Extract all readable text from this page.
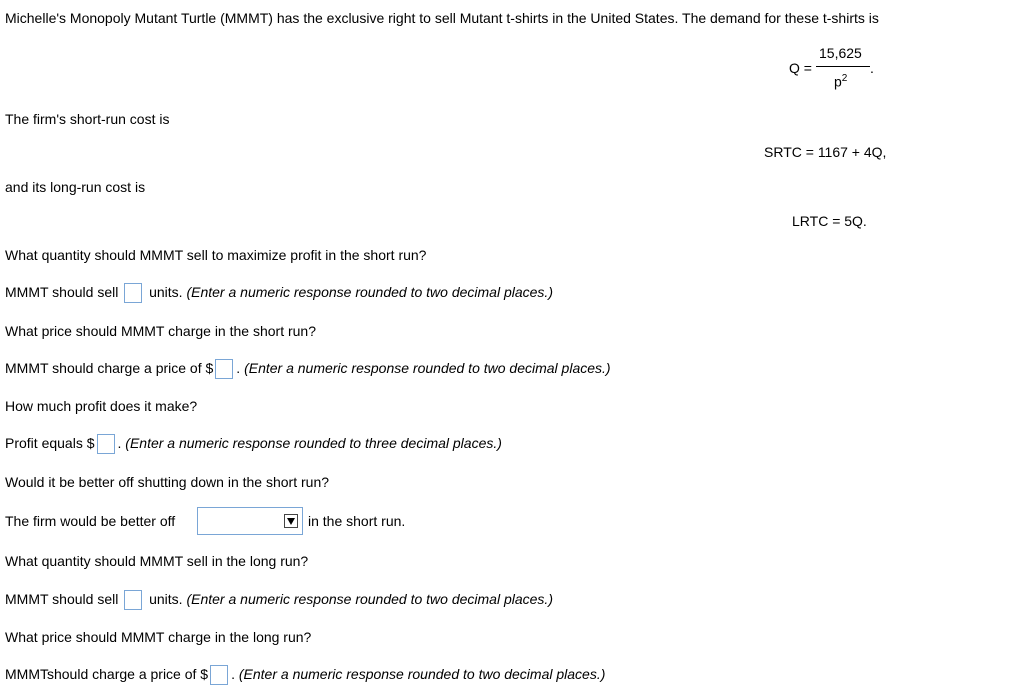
Michelle's Monopoly Mutant Turtle (MMMT) has the exclusive right to sell Mutant t-shirts in the United States. The demand for these t-shirts is
Q =
15,625
$p^2$
.
The firm's short-run cost is
SRTC = 1167 + 4Q,
and its long-run cost is
LRTC = 5Q.
What quantity should MMMT sell to maximize profit in the short run?
MMMT should sell units. (Enter a numeric response rounded to two decimal places.)
What price should MMMT charge in the short run?
MMMT should charge a price of $ . (Enter a numeric response rounded to two decimal places.)
How much profit does it make?
Profit equals $ . (Enter a numeric response rounded to three decimal places.)
Would it be better off shutting down in the short run?
The firm would be better off	in the short run.
What quantity should MMMT sell in the long run?
MMMT should sell units. (Enter a numeric response rounded to two decimal places.)
What price should MMMT charge in the long run?
MMMTshould charge a price of $ . (Enter a numeric response rounded to two decimal places.)
